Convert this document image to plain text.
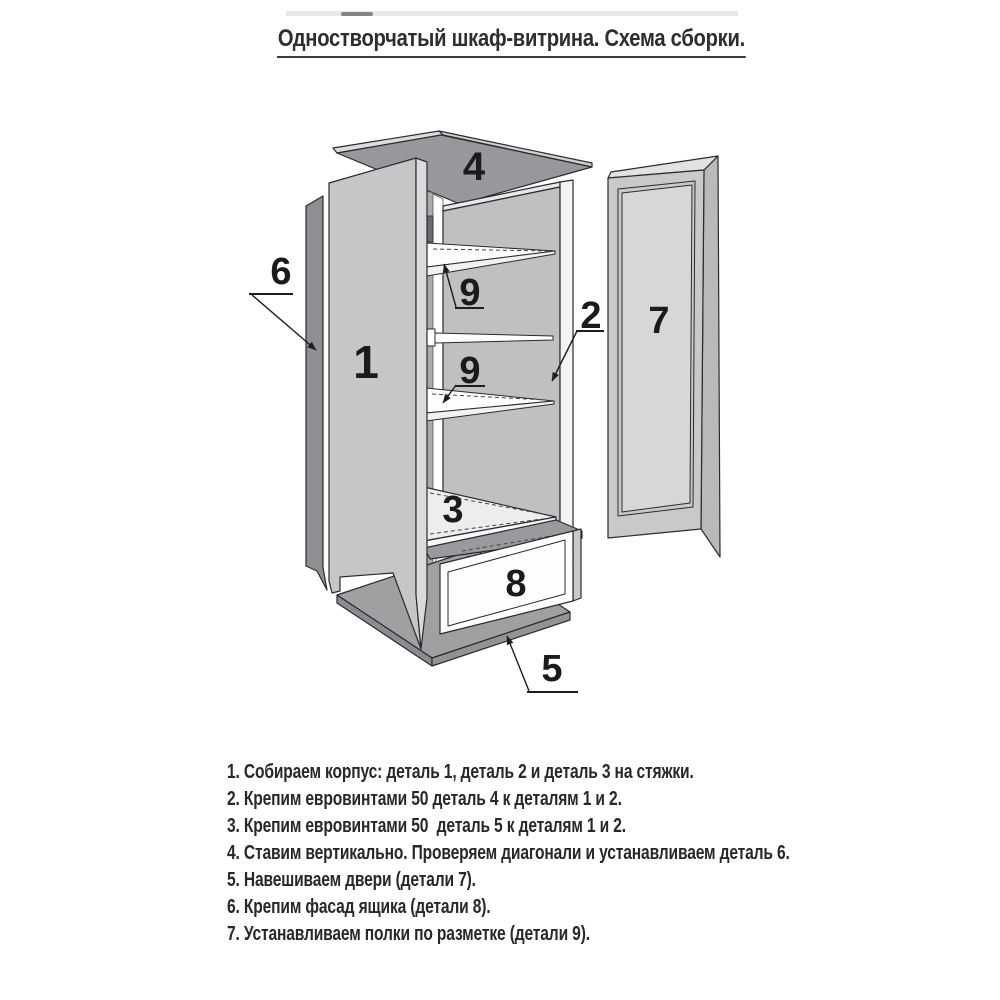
Одностворчатый шкаф-витрина. Схема сборки.
3
8
1
4
7
6	9
9
2
5
1. Собираем корпус: деталь 1, деталь 2 и деталь 3 на стяжки.
2. Крепим евровинтами 50 деталь 4 к деталям 1 и 2.
3. Крепим евровинтами 50  деталь 5 к деталям 1 и 2.
4. Ставим вертикально. Проверяем диагонали и устанавливаем деталь 6.
5. Навешиваем двери (детали 7).
6. Крепим фасад ящика (детали 8).
7. Устанавливаем полки по разметке (детали 9).
